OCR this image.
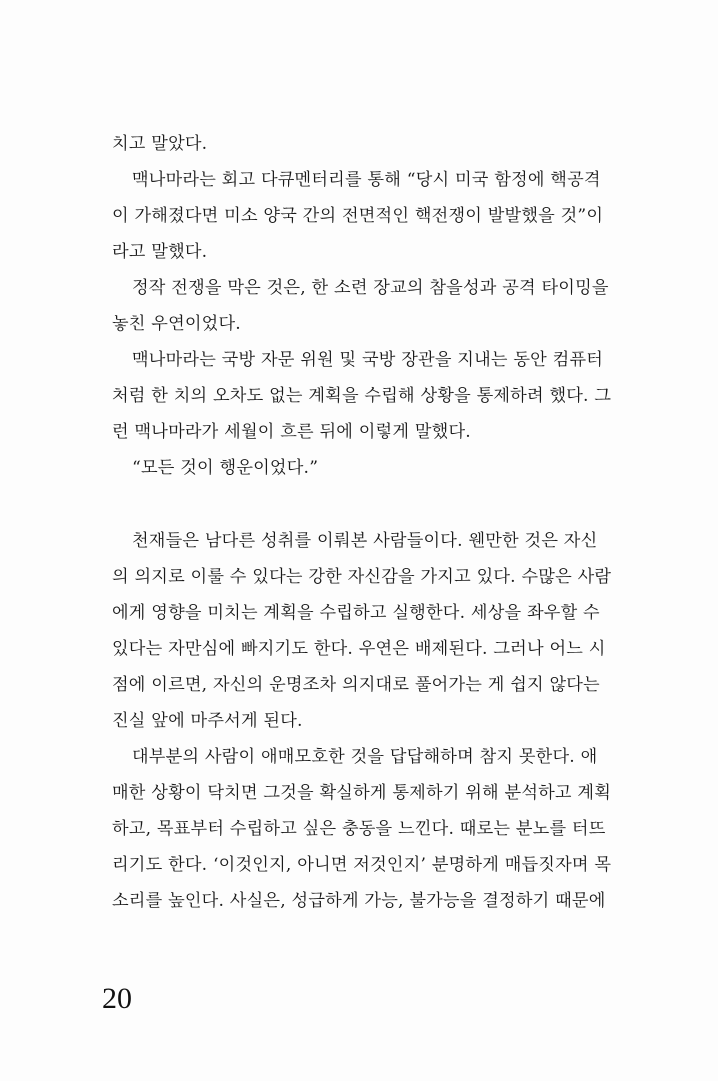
치고 말았다.
맥나마라는 회고 다큐멘터리를 통해 “당시 미국 함정에 핵공격
이 가해졌다면 미소 양국 간의 전면적인 핵전쟁이 발발했을 것”이
라고 말했다.
정작 전쟁을 막은 것은, 한 소련 장교의 참을성과 공격 타이밍을
놓친 우연이었다.
맥나마라는 국방 자문 위원 및 국방 장관을 지내는 동안 컴퓨터
처럼 한 치의 오차도 없는 계획을 수립해 상황을 통제하려 했다. 그
런 맥나마라가 세월이 흐른 뒤에 이렇게 말했다.
“모든 것이 행운이었다.”
천재들은 남다른 성취를 이뤄본 사람들이다. 웬만한 것은 자신
의 의지로 이룰 수 있다는 강한 자신감을 가지고 있다. 수많은 사람
에게 영향을 미치는 계획을 수립하고 실행한다. 세상을 좌우할 수
있다는 자만심에 빠지기도 한다. 우연은 배제된다. 그러나 어느 시
점에 이르면, 자신의 운명조차 의지대로 풀어가는 게 쉽지 않다는
진실 앞에 마주서게 된다.
대부분의 사람이 애매모호한 것을 답답해하며 참지 못한다. 애
매한 상황이 닥치면 그것을 확실하게 통제하기 위해 분석하고 계획
하고, 목표부터 수립하고 싶은 충동을 느낀다. 때로는 분노를 터뜨
리기도 한다. ‘이것인지, 아니면 저것인지’ 분명하게 매듭짓자며 목
소리를 높인다. 사실은, 성급하게 가능, 불가능을 결정하기 때문에
20
